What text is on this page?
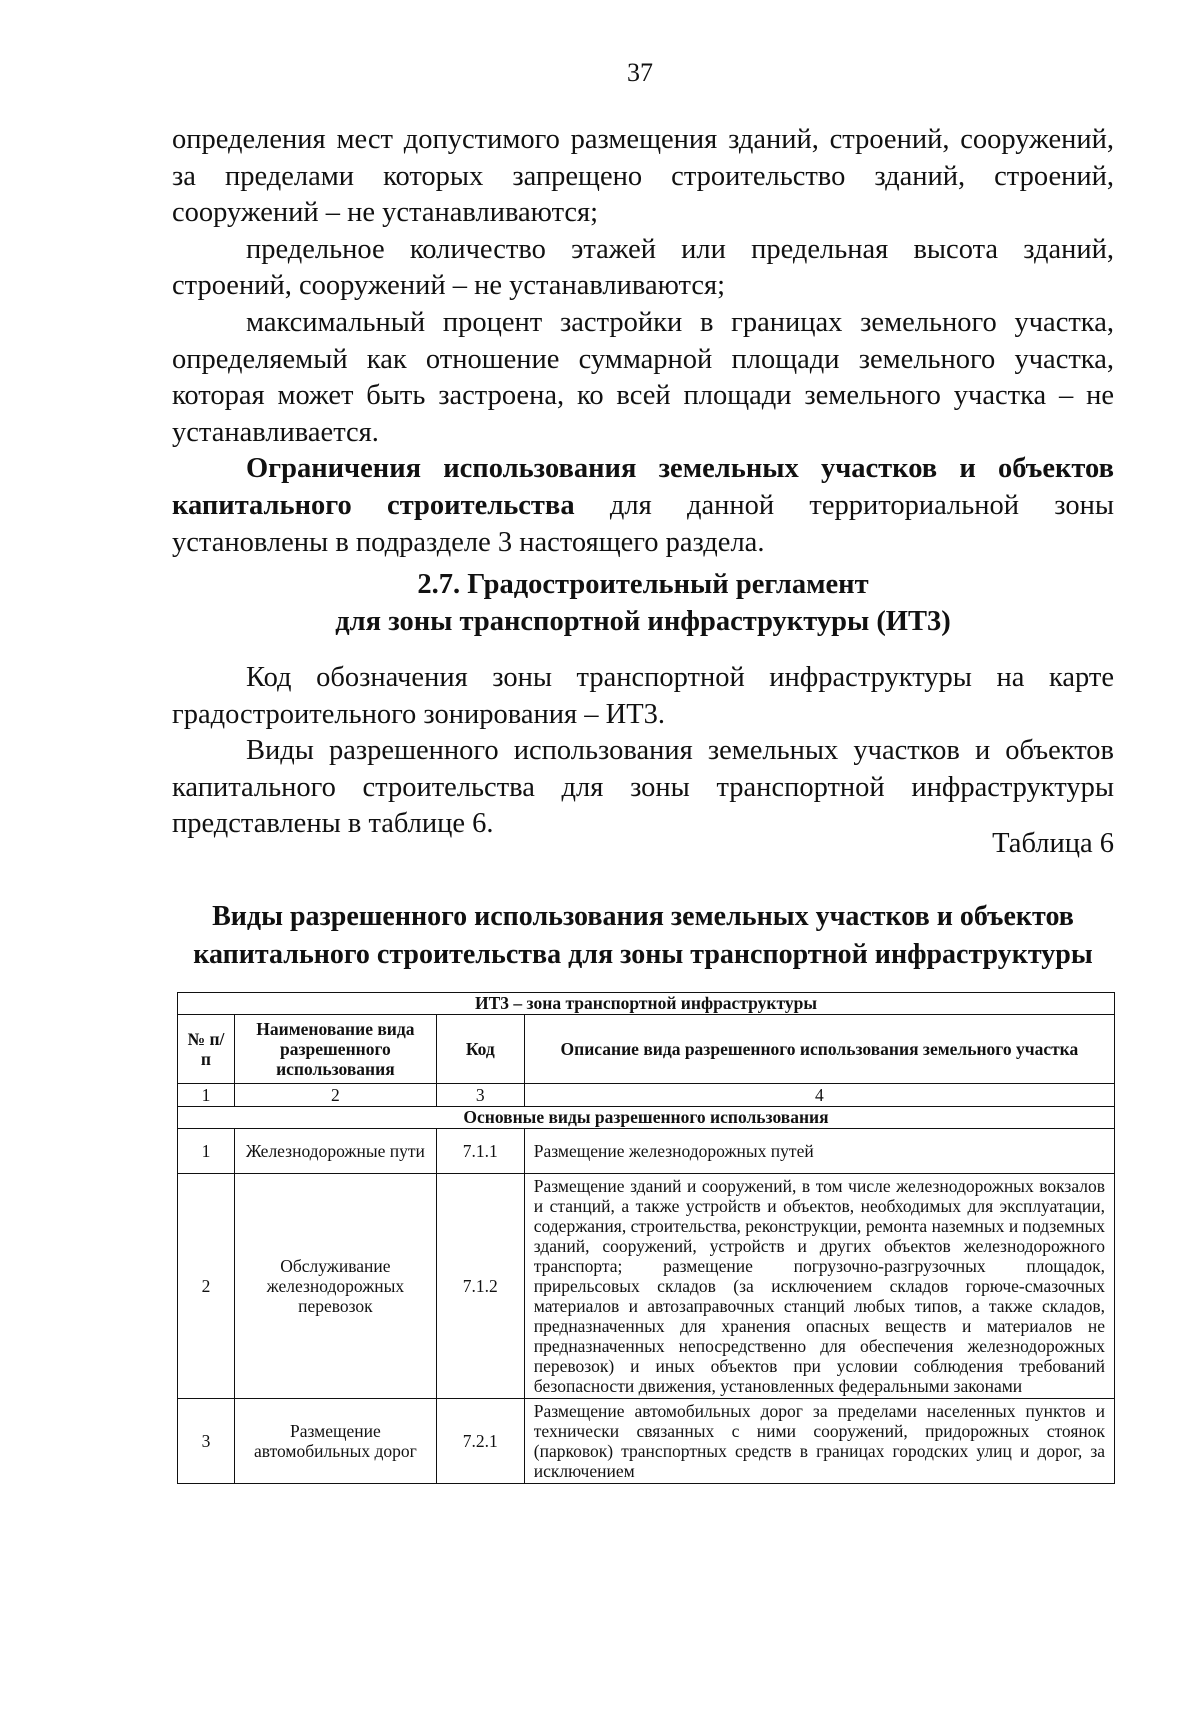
37

определения мест допустимого размещения зданий, строений, сооружений, за пределами которых запрещено строительство зданий, строений, сооружений – не устанавливаются;

предельное количество этажей или предельная высота зданий, строений, сооружений – не устанавливаются;

максимальный процент застройки в границах земельного участка, определяемый как отношение суммарной площади земельного участка, которая может быть застроена, ко всей площади земельного участка – не устанавливается.

Ограничения использования земельных участков и объектов капитального строительства для данной территориальной зоны установлены в подразделе 3 настоящего раздела.

2.7. Градостроительный регламент
для зоны транспортной инфраструктуры (ИТ3)

Код обозначения зоны транспортной инфраструктуры на карте градостроительного зонирования – ИТ3.

Виды разрешенного использования земельных участков и объектов капитального строительства для зоны транспортной инфраструктуры представлены в таблице 6.

Таблица 6
Виды разрешенного использования земельных участков и объектов
капитального строительства для зоны транспортной инфраструктуры
ИТ3 – зона транспортной инфраструктуры			
№ п/п	Наименование вида разрешенного использования	Код	Описание вида разрешенного использования земельного участка
1	2	3	4
Основные виды разрешенного использования			
1	Железнодорожные пути	7.1.1	Размещение железнодорожных путей
2	Обслуживание железнодорожных перевозок	7.1.2	Размещение зданий и сооружений, в том числе железнодорожных вокзалов и станций, а также устройств и объектов, необходимых для эксплуатации, содержания, строительства, реконструкции, ремонта наземных и подземных зданий, сооружений, устройств и других объектов железнодорожного транспорта; размещение погрузочно-разгрузочных площадок, прирельсовых складов (за исключением складов горюче-смазочных материалов и автозаправочных станций любых типов, а также складов, предназначенных для хранения опасных веществ и материалов не предназначенных непосредственно для обеспечения железнодорожных перевозок) и иных объектов при условии соблюдения требований безопасности движения, установленных федеральными законами
3	Размещение автомобильных дорог	7.2.1	Размещение автомобильных дорог за пределами населенных пунктов и технически связанных с ними сооружений, придорожных стоянок (парковок) транспортных средств в границах городских улиц и дорог, за исключением
